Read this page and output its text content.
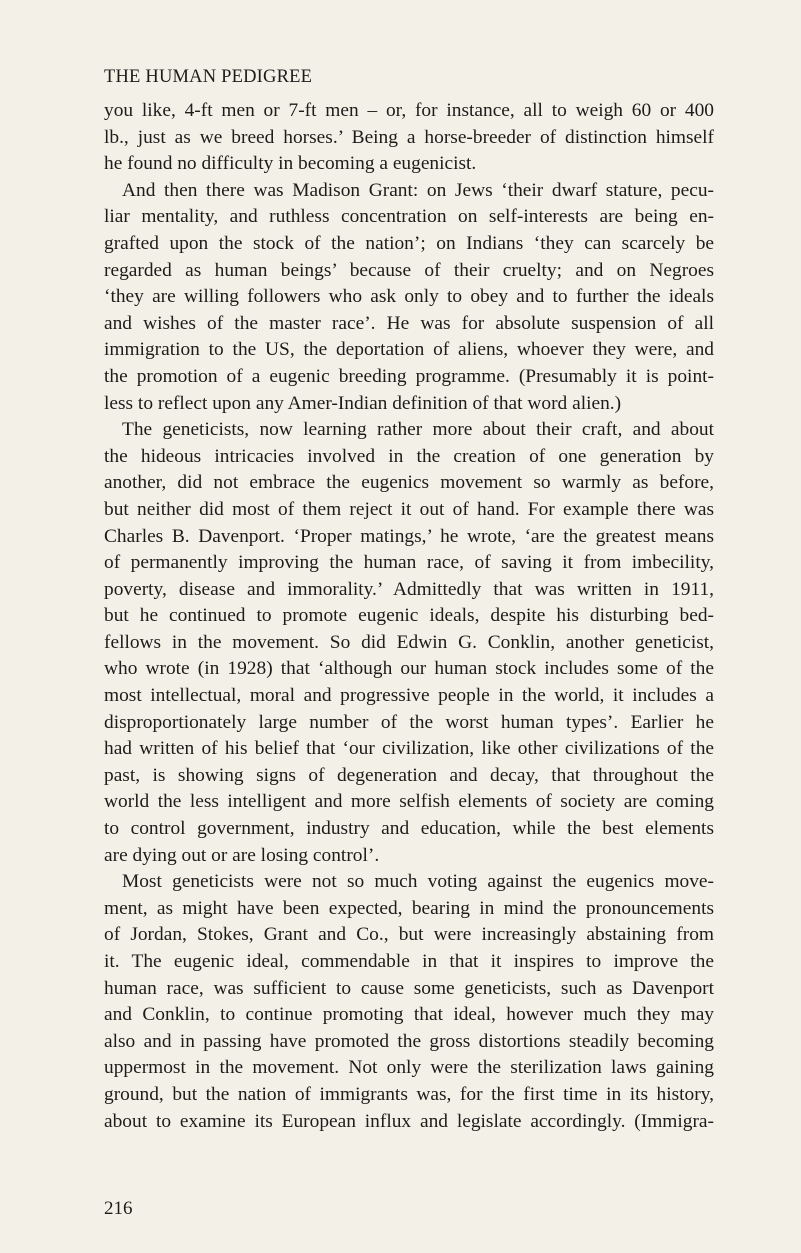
THE HUMAN PEDIGREE
you like, 4-ft men or 7-ft men – or, for instance, all to weigh 60 or 400
lb., just as we breed horses.’ Being a horse-breeder of distinction himself
he found no difficulty in becoming a eugenicist.
And then there was Madison Grant: on Jews ‘their dwarf stature, pecu-
liar mentality, and ruthless concentration on self-interests are being en-
grafted upon the stock of the nation’; on Indians ‘they can scarcely be
regarded as human beings’ because of their cruelty; and on Negroes
‘they are willing followers who ask only to obey and to further the ideals
and wishes of the master race’. He was for absolute suspension of all
immigration to the US, the deportation of aliens, whoever they were, and
the promotion of a eugenic breeding programme. (Presumably it is point-
less to reflect upon any Amer-Indian definition of that word alien.)
The geneticists, now learning rather more about their craft, and about
the hideous intricacies involved in the creation of one generation by
another, did not embrace the eugenics movement so warmly as before,
but neither did most of them reject it out of hand. For example there was
Charles B. Davenport. ‘Proper matings,’ he wrote, ‘are the greatest means
of permanently improving the human race, of saving it from imbecility,
poverty, disease and immorality.’ Admittedly that was written in 1911,
but he continued to promote eugenic ideals, despite his disturbing bed-
fellows in the movement. So did Edwin G. Conklin, another geneticist,
who wrote (in 1928) that ‘although our human stock includes some of the
most intellectual, moral and progressive people in the world, it includes a
disproportionately large number of the worst human types’. Earlier he
had written of his belief that ‘our civilization, like other civilizations of the
past, is showing signs of degeneration and decay, that throughout the
world the less intelligent and more selfish elements of society are coming
to control government, industry and education, while the best elements
are dying out or are losing control’.
Most geneticists were not so much voting against the eugenics move-
ment, as might have been expected, bearing in mind the pronouncements
of Jordan, Stokes, Grant and Co., but were increasingly abstaining from
it. The eugenic ideal, commendable in that it inspires to improve the
human race, was sufficient to cause some geneticists, such as Davenport
and Conklin, to continue promoting that ideal, however much they may
also and in passing have promoted the gross distortions steadily becoming
uppermost in the movement. Not only were the sterilization laws gaining
ground, but the nation of immigrants was, for the first time in its history,
about to examine its European influx and legislate accordingly. (Immigra-
216
